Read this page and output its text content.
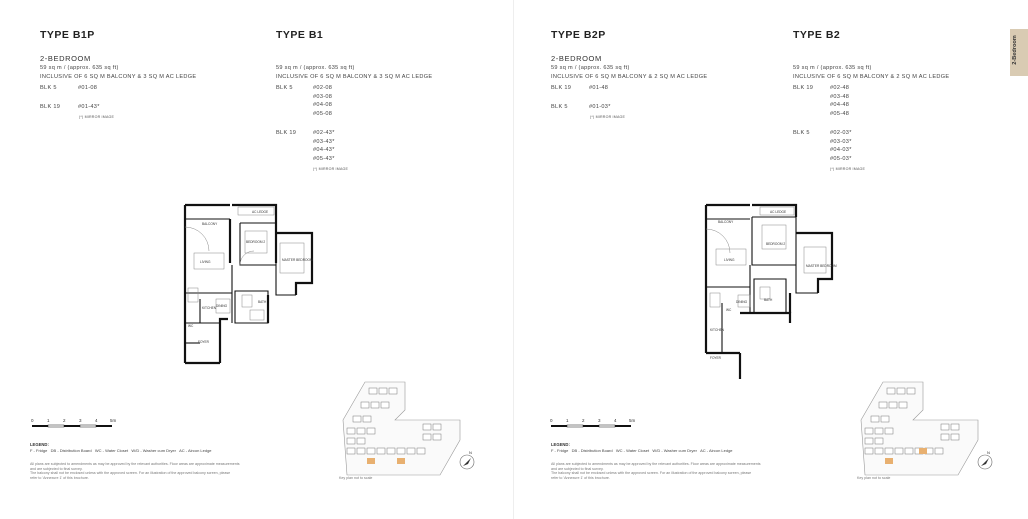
2-Bedroom
TYPE B1P
2-BEDROOM
59 sq m / (approx. 635 sq ft)
INCLUSIVE OF 6 SQ M BALCONY & 3 SQ M AC LEDGE
BLK 5	#01-08
BLK 19	#01-43*
(*) MIRROR IMAGE
TYPE B1
59 sq m / (approx. 635 sq ft)
INCLUSIVE OF 6 SQ M BALCONY & 3 SQ M AC LEDGE
BLK 5	#02-08
#03-08
#04-08
#05-08
BLK 19	#02-43*
#03-43*
#04-43*
#05-43*
(*) MIRROR IMAGE
BALCONY
AC LEDGE
BEDROOM 2
MASTER BEDROOM
LIVING
DINING
KITCHEN
BATH
WC
FOYER
0	1	2	3	4	5m
LEGEND:
F - Fridge   DB - Distribution Board   WC - Water Closet   W/D - Washer cum Dryer   AC - Aircon Ledge
All plans are subjected to amendments as may be approved by the relevant authorities. Floor areas are approximate measurements
and are subjected to final survey.
The balcony shall not be enclosed unless with the approved screen. For an illustration of the approved balcony screen, please
refer to 'Annexure 1' of this brochure.
N
Key plan not to scale
TYPE B2P
2-BEDROOM
59 sq m / (approx. 635 sq ft)
INCLUSIVE OF 6 SQ M BALCONY & 2 SQ M AC LEDGE
BLK 19	#01-48
BLK 5	#01-03*
(*) MIRROR IMAGE
TYPE B2
59 sq m / (approx. 635 sq ft)
INCLUSIVE OF 6 SQ M BALCONY & 2 SQ M AC LEDGE
BLK 19	#02-48
#03-48
#04-48
#05-48
BLK 5	#02-03*
#03-03*
#04-03*
#05-03*
(*) MIRROR IMAGE
BALCONY
AC LEDGE
BEDROOM 2
MASTER BEDROOM
LIVING
DINING
KITCHEN
BATH
WC
FOYER
0	1	2	3	4	5m
LEGEND:
F - Fridge   DB - Distribution Board   WC - Water Closet   W/D - Washer cum Dryer   AC - Aircon Ledge
All plans are subjected to amendments as may be approved by the relevant authorities. Floor areas are approximate measurements
and are subjected to final survey.
The balcony shall not be enclosed unless with the approved screen. For an illustration of the approved balcony screen, please
refer to 'Annexure 1' of this brochure.
N
Key plan not to scale
